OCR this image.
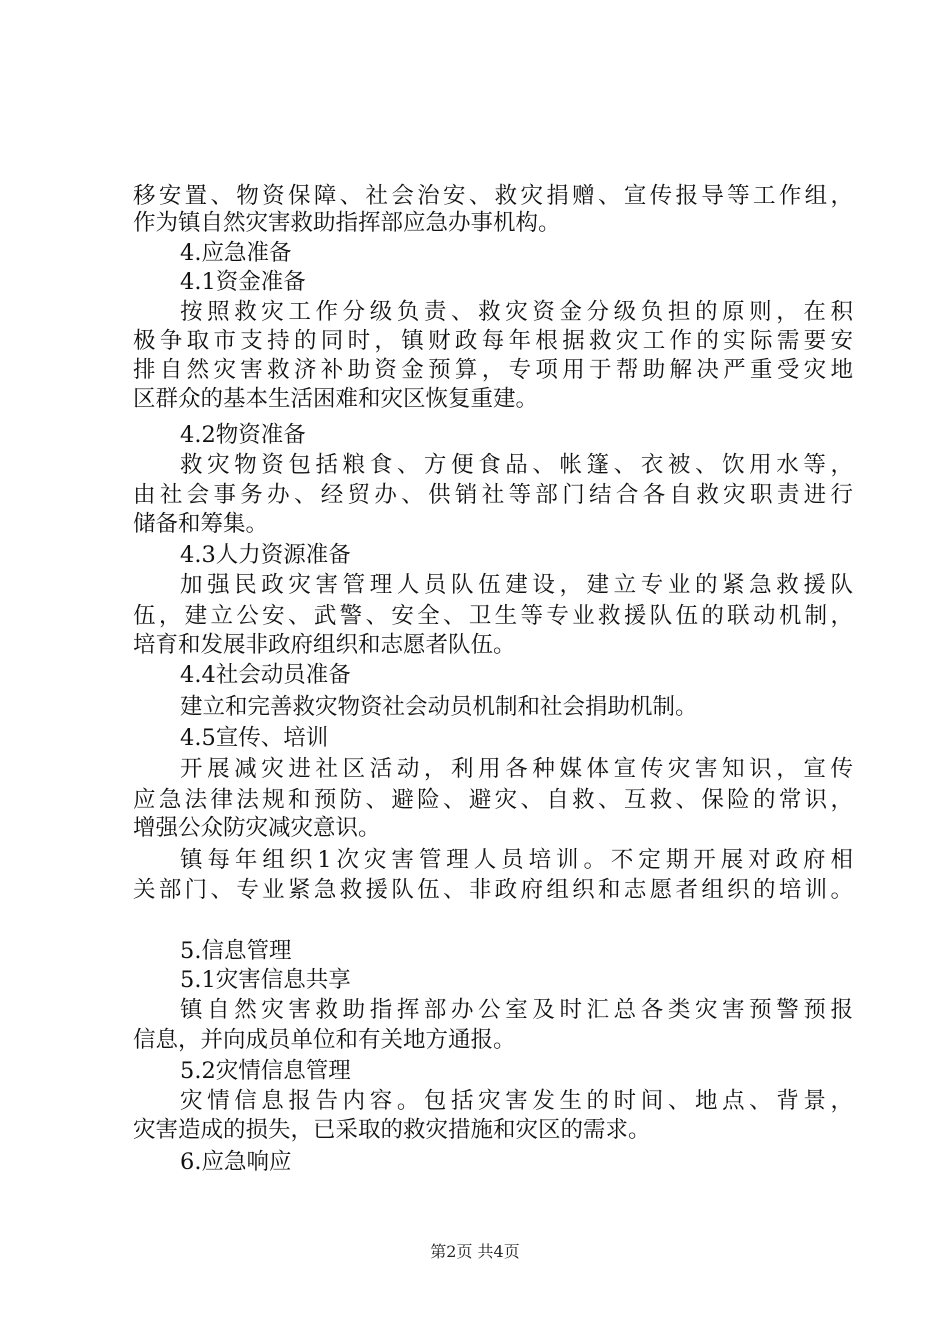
移安置、物资保障、社会治安、救灾捐赠、宣传报导等工作组，
作为镇自然灾害救助指挥部应急办事机构。
4.应急准备
4.1资金准备
按照救灾工作分级负责、救灾资金分级负担的原则，在积
极争取市支持的同时，镇财政每年根据救灾工作的实际需要安
排自然灾害救济补助资金预算，专项用于帮助解决严重受灾地
区群众的基本生活困难和灾区恢复重建。
4.2物资准备
救灾物资包括粮食、方便食品、帐篷、衣被、饮用水等，
由社会事务办、经贸办、供销社等部门结合各自救灾职责进行
储备和筹集。
4.3人力资源准备
加强民政灾害管理人员队伍建设，建立专业的紧急救援队
伍，建立公安、武警、安全、卫生等专业救援队伍的联动机制，
培育和发展非政府组织和志愿者队伍。
4.4社会动员准备
建立和完善救灾物资社会动员机制和社会捐助机制。
4.5宣传、培训
开展减灾进社区活动，利用各种媒体宣传灾害知识，宣传
应急法律法规和预防、避险、避灾、自救、互救、保险的常识，
增强公众防灾减灾意识。
镇每年组织1次灾害管理人员培训。不定期开展对政府相
关部门、专业紧急救援队伍、非政府组织和志愿者组织的培训。
5.信息管理
5.1灾害信息共享
镇自然灾害救助指挥部办公室及时汇总各类灾害预警预报
信息，并向成员单位和有关地方通报。
5.2灾情信息管理
灾情信息报告内容。包括灾害发生的时间、地点、背景，
灾害造成的损失，已采取的救灾措施和灾区的需求。
6.应急响应
第2页 共4页
